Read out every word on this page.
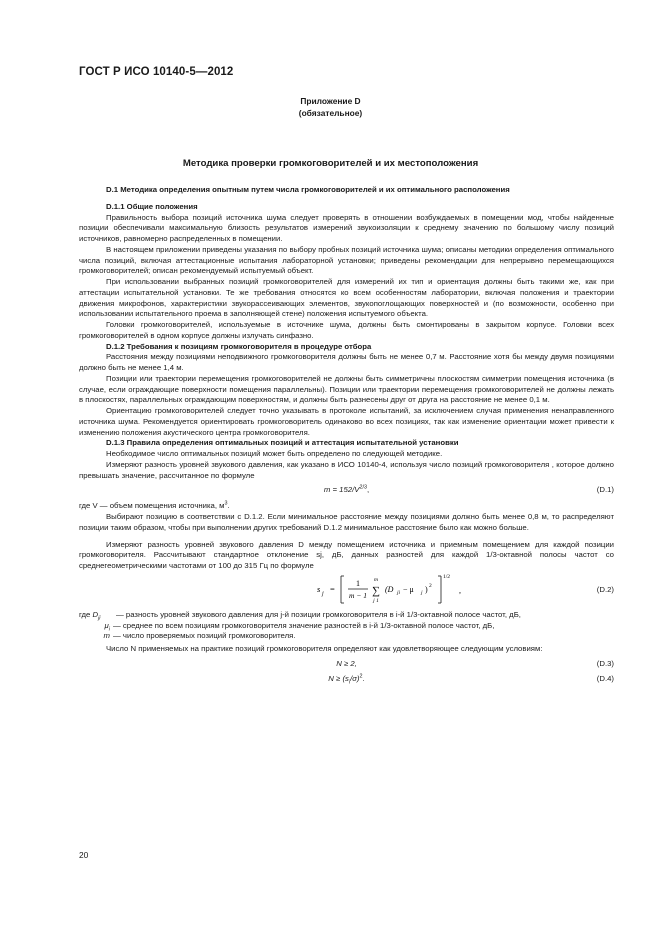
ГОСТ Р ИСО 10140-5—2012
Приложение D
(обязательное)
Методика проверки громкоговорителей и их местоположения

D.1 Методика определения опытным путем числа громкоговорителей и их оптимального расположения

D.1.1 Общие положения

Правильность выбора позиций источника шума следует проверять в отношении возбуждаемых в помещении мод, чтобы найденные позиции обеспечивали максимальную близость результатов измерений звукоизоляции к среднему значению по большому числу позиций источников, равномерно распределенных в помещении.

В настоящем приложении приведены указания по выбору пробных позиций источника шума; описаны методики определения оптимального числа позиций, включая аттестационные испытания лабораторной установки; приведены рекомендации для непрерывно перемещающихся громкоговорителей; описан рекомендуемый испытуемый объект.

При использовании выбранных позиций громкоговорителей для измерений их тип и ориентация должны быть такими же, как при аттестации испытательной установки. Те же требования относятся ко всем особенностям лаборатории, включая положения и траектории движения микрофонов, характеристики звукорассеивающих элементов, звукопоглощающих поверхностей и (по возможности, особенно при использовании испытательного проема в заполняющей стене) положения испытуемого объекта.

Головки громкоговорителей, используемые в источнике шума, должны быть смонтированы в закрытом корпусе. Головки всех громкоговорителей в одном корпусе должны излучать синфазно.

D.1.2 Требования к позициям громкоговорителя в процедуре отбора

Расстояния между позициями неподвижного громкоговорителя должны быть не менее 0,7 м. Расстояние хотя бы между двумя позициями должно быть не менее 1,4 м.

Позиции или траектории перемещения громкоговорителей не должны быть симметричны плоскостям симметрии помещения источника (в случае, если ограждающие поверхности помещения параллельны). Позиции или траектории перемещения громкоговорителей не должны лежать в плоскостях, параллельных ограждающим поверхностям, и должны быть разнесены друг от друга на расстояние не менее 0,1 м.

Ориентацию громкоговорителей следует точно указывать в протоколе испытаний, за исключением случая применения ненаправленного источника шума. Рекомендуется ориентировать громкоговоритель одинаково во всех позициях, так как изменение ориентации может привести к изменению положения акустического центра громкоговорителя.

D.1.3 Правила определения оптимальных позиций и аттестация испытательной установки

Необходимое число оптимальных позиций может быть определено по следующей методике.

Измеряют разность уровней звукового давления, как указано в ИСО 10140-4, используя число позиций громкоговорителя , которое должно превышать значение, рассчитанное по формуле

$m = 152/V^{2/3}$,	(D.1)

где V — объем помещения источника, $м^3$.

Выбирают позицию в соответствии с D.1.2. Если минимальное расстояние между позициями должно быть менее 0,8 м, то распределяют позиции таким образом, чтобы при выполнении других требований D.1.2 минимальное расстояние было как можно больше.

Измеряют разность уровней звукового давления D между помещением источника и приемным помещением для каждой позиции громкоговорителя. Рассчитывают стандартное отклонение sj, дБ, данных разностей для каждой 1/3-октавной полосы частот со среднегеометрическими частотами от 100 до 315 Гц по формуле

s j =
1
m − 1
m
∑
j 1
(D ji − μ j ) 2
1/2
,	(D.2)
где $D_{ji}$	— разность уровней звукового давления для j-й позиции громкоговорителя в i-й 1/3-октавной полосе частот, дБ,
$\mu_i$ — среднее по всем позициям громкоговорителя значение разностей в i-й 1/3-октавной полосе частот, дБ,
m — число проверяемых позиций громкоговорителя.

Число N применяемых на практике позиций громкоговорителя определяют как удовлетворяющее следующим условиям:

N ≥ 2,	(D.3)
$N \ge (s_i/\sigma)^2$.	(D.4)
20
